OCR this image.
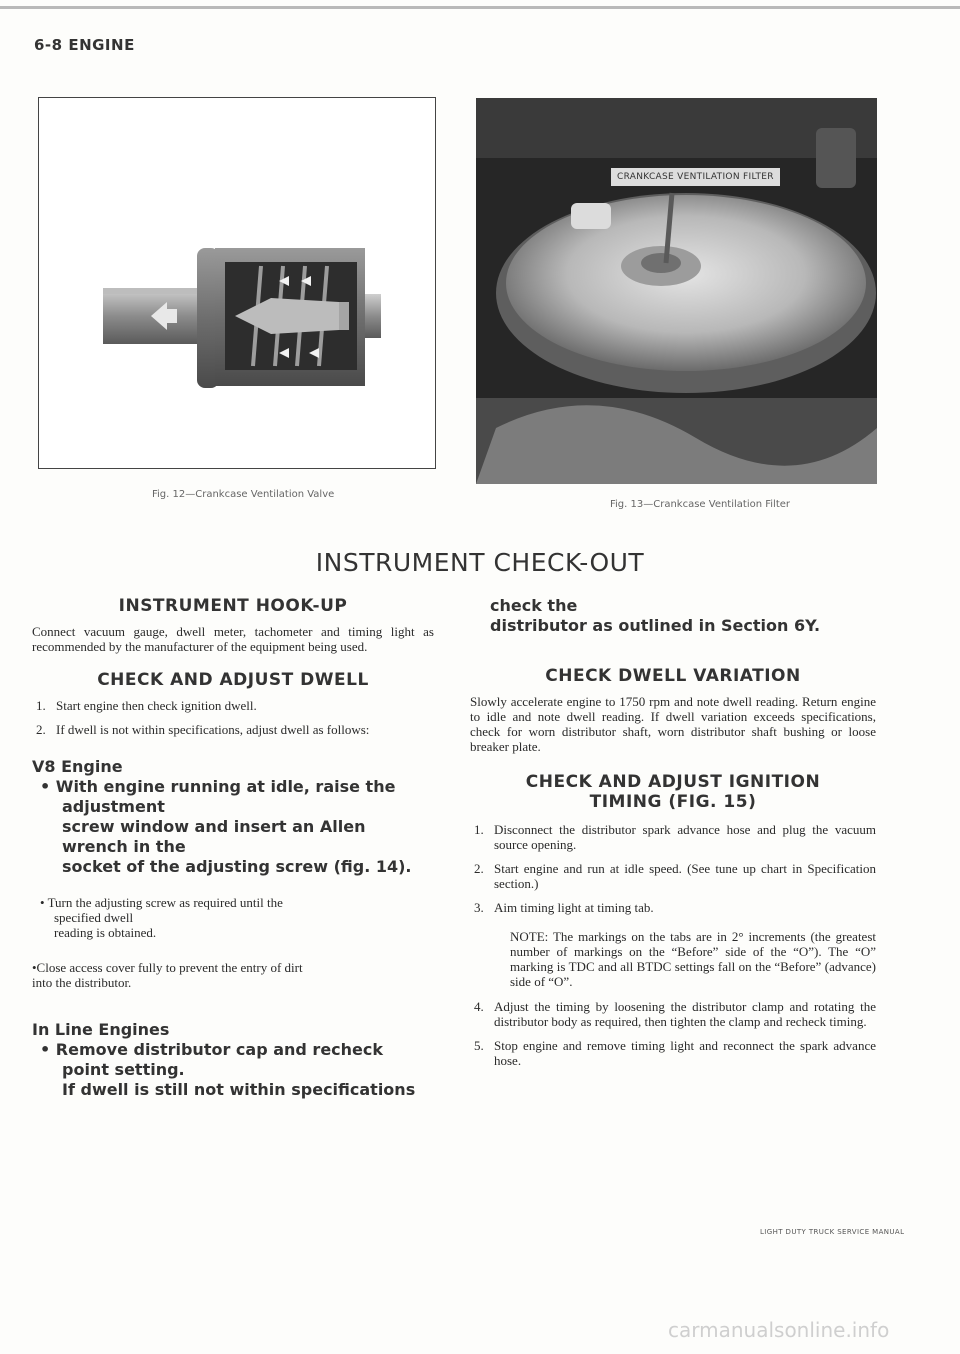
6-8 ENGINE
Fig. 12—Crankcase Ventilation Valve
CRANKCASE VENTILATION FILTER
Fig. 13—Crankcase Ventilation Filter
INSTRUMENT CHECK-OUT
INSTRUMENT HOOK-UP

Connect vacuum gauge, dwell meter, tachometer and timing light as recommended by the manufacturer of the equipment being used.

CHECK AND ADJUST DWELL
1. Start engine then check ignition dwell.
2. If dwell is not within specifications, adjust dwell as follows:
V8 Engine
• With engine running at idle, raise the
adjustment
screw window and insert an Allen
wrench in the
socket of the adjusting screw (fig. 14).

• Turn the adjusting screw as required until the

specified dwell

reading is obtained.

•Close access cover fully to prevent the entry of dirt

into the distributor.

In Line Engines
• Remove distributor cap and recheck
point setting.
If dwell is still not within specifications
check the
distributor as outlined in Section 6Y.
CHECK DWELL VARIATION

Slowly accelerate engine to 1750 rpm and note dwell reading. Return engine to idle and note dwell reading. If dwell variation exceeds specifications, check for worn distributor shaft, worn distributor shaft bushing or loose breaker plate.

CHECK AND ADJUST IGNITION
TIMING (FIG. 15)
1. Disconnect the distributor spark advance hose and plug the vacuum source opening.
2. Start engine and run at idle speed. (See tune up chart in Specification section.)
3. Aim timing light at timing tab.

NOTE: The markings on the tabs are in 2° increments (the greatest number of markings on the “Before” side of the “O”). The “O” marking is TDC and all BTDC settings fall on the “Before” (advance) side of “O”.

4. Adjust the timing by loosening the distributor clamp and rotating the distributor body as required, then tighten the clamp and recheck timing.
5. Stop engine and remove timing light and reconnect the spark advance hose.
LIGHT DUTY TRUCK SERVICE MANUAL
carmanualsonline.info
